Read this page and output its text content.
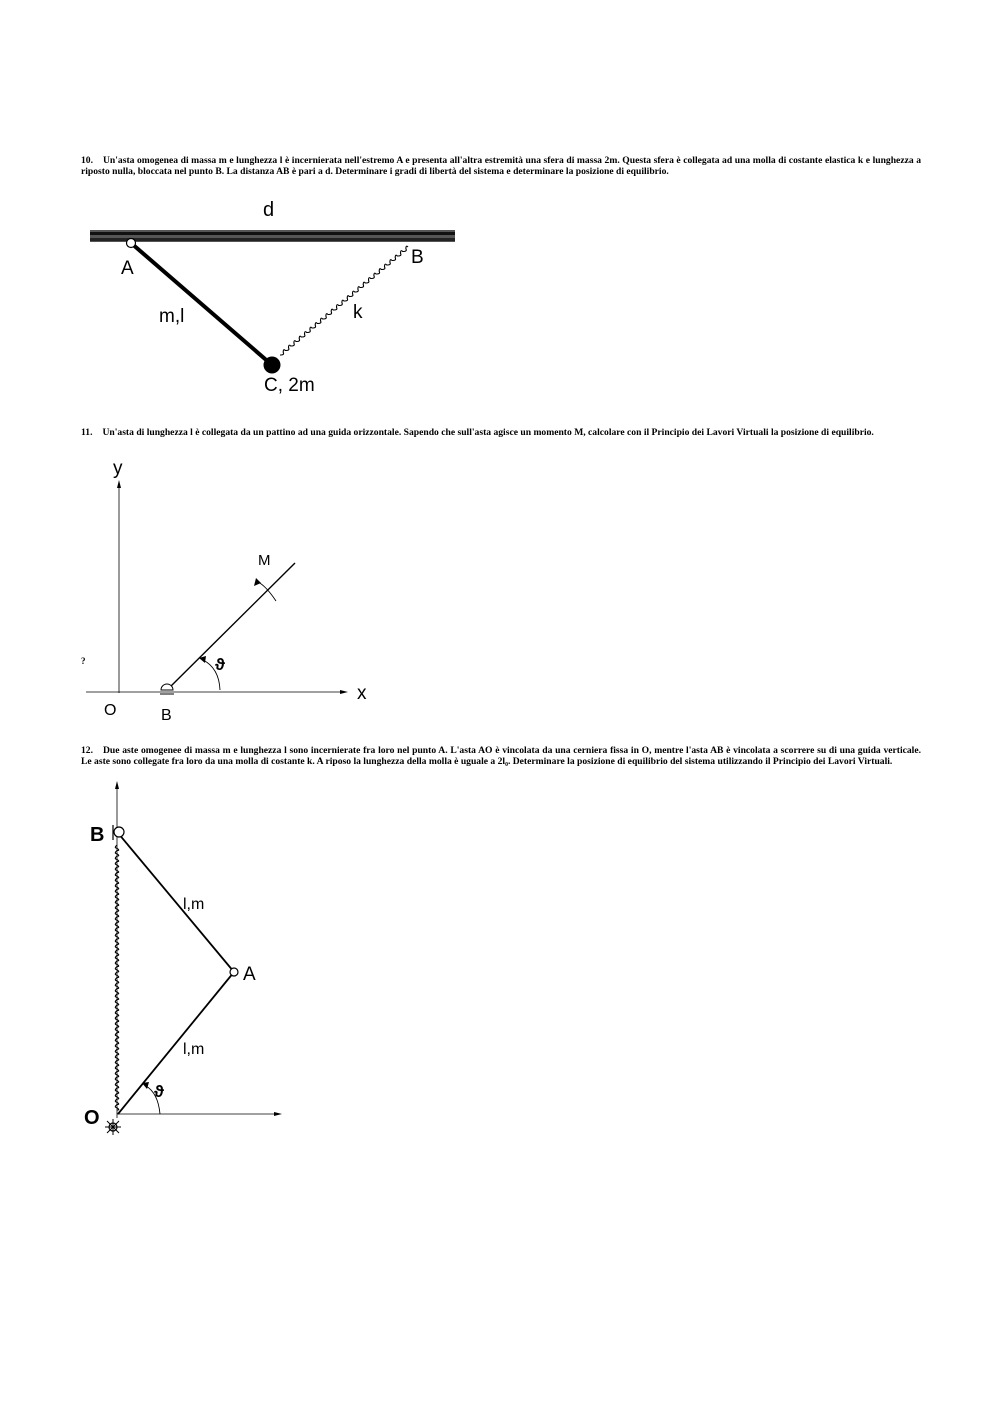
10. Un'asta omogenea di massa m e lunghezza l è incernierata nell'estremo A e presenta all'altra estremità una sfera di massa 2m. Questa sfera è collegata ad una molla di costante elastica k e lunghezza a riposto nulla, bloccata nel punto B. La distanza AB è pari a d. Determinare i gradi di libertà del sistema e determinare la posizione di equilibrio.
d
A
B
m,l	k
C, 2m
11. Un'asta di lunghezza l è collegata da un pattino ad una guida orizzontale. Sapendo che sull'asta agisce un momento M, calcolare con il Principio dei Lavori Virtuali la posizione di equilibrio.
?
y
x
O	B
M
ϑ
12. Due aste omogenee di massa m e lunghezza l sono incernierate fra loro nel punto A. L'asta AO è vincolata da una cerniera fissa in O, mentre l'asta AB è vincolata a scorrere su di una guida verticale. Le aste sono collegate fra loro da una molla di costante k. A riposo la lunghezza della molla è uguale a 2l₀. Determinare la posizione di equilibrio del sistema utilizzando il Principio dei Lavori Virtuali.
B
A
O
l,m
l,m
ϑ
